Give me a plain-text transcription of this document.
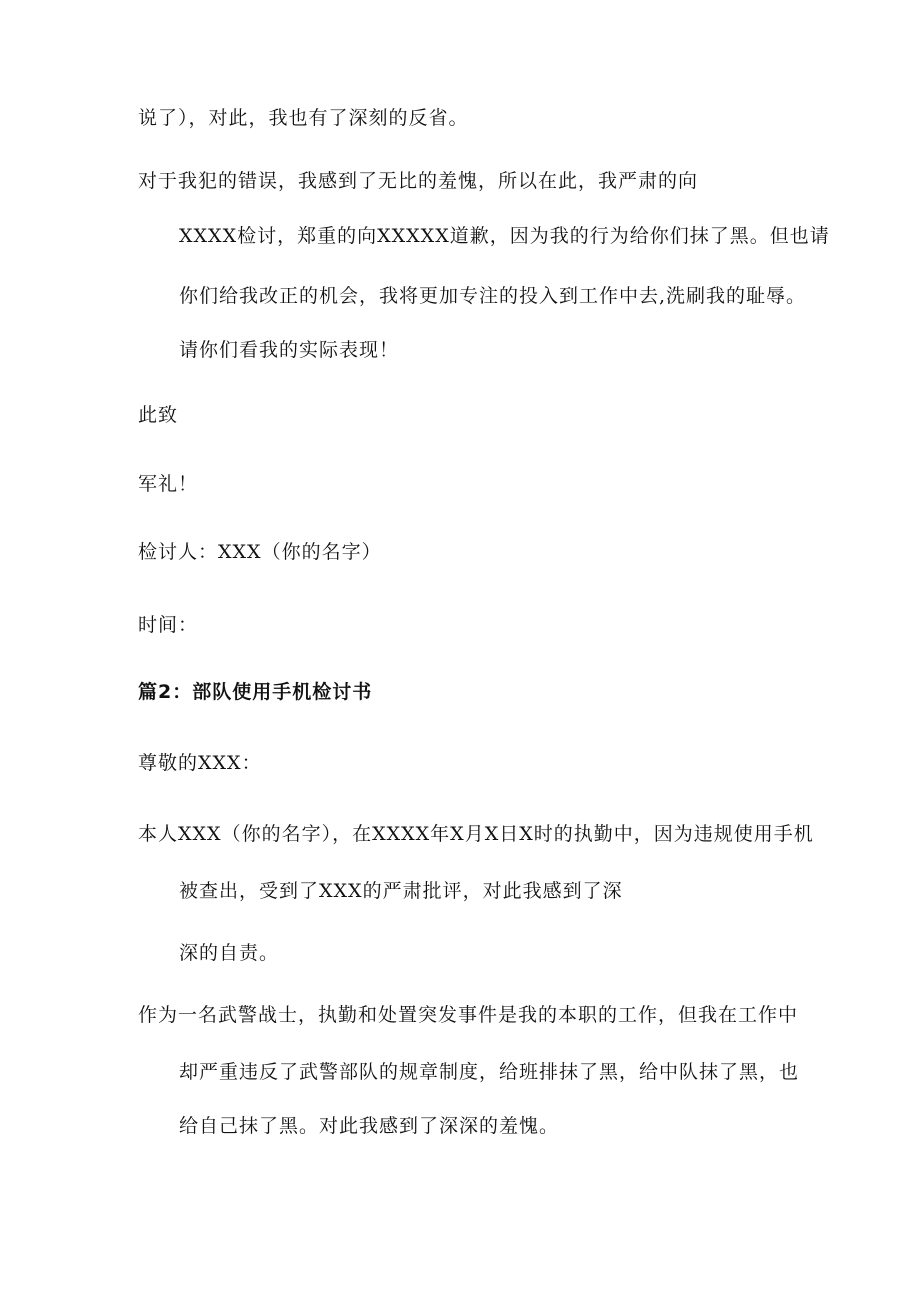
说了），对此，我也有了深刻的反省。
对于我犯的错误，我感到了无比的羞愧，所以在此，我严肃的向
XXXX检讨，郑重的向XXXXX道歉，因为我的行为给你们抹了黑。但也请
你们给我改正的机会，我将更加专注的投入到工作中去,洗刷我的耻辱。
请你们看我的实际表现！
此致
军礼！
检讨人：XXX（你的名字）
时间：
篇2：部队使用手机检讨书
尊敬的XXX：
本人XXX（你的名字），在XXXX年X月X日X时的执勤中，因为违规使用手机
被查出，受到了XXX的严肃批评，对此我感到了深
深的自责。
作为一名武警战士，执勤和处置突发事件是我的本职的工作，但我在工作中
却严重违反了武警部队的规章制度，给班排抹了黑，给中队抹了黑，也
给自己抹了黑。对此我感到了深深的羞愧。
